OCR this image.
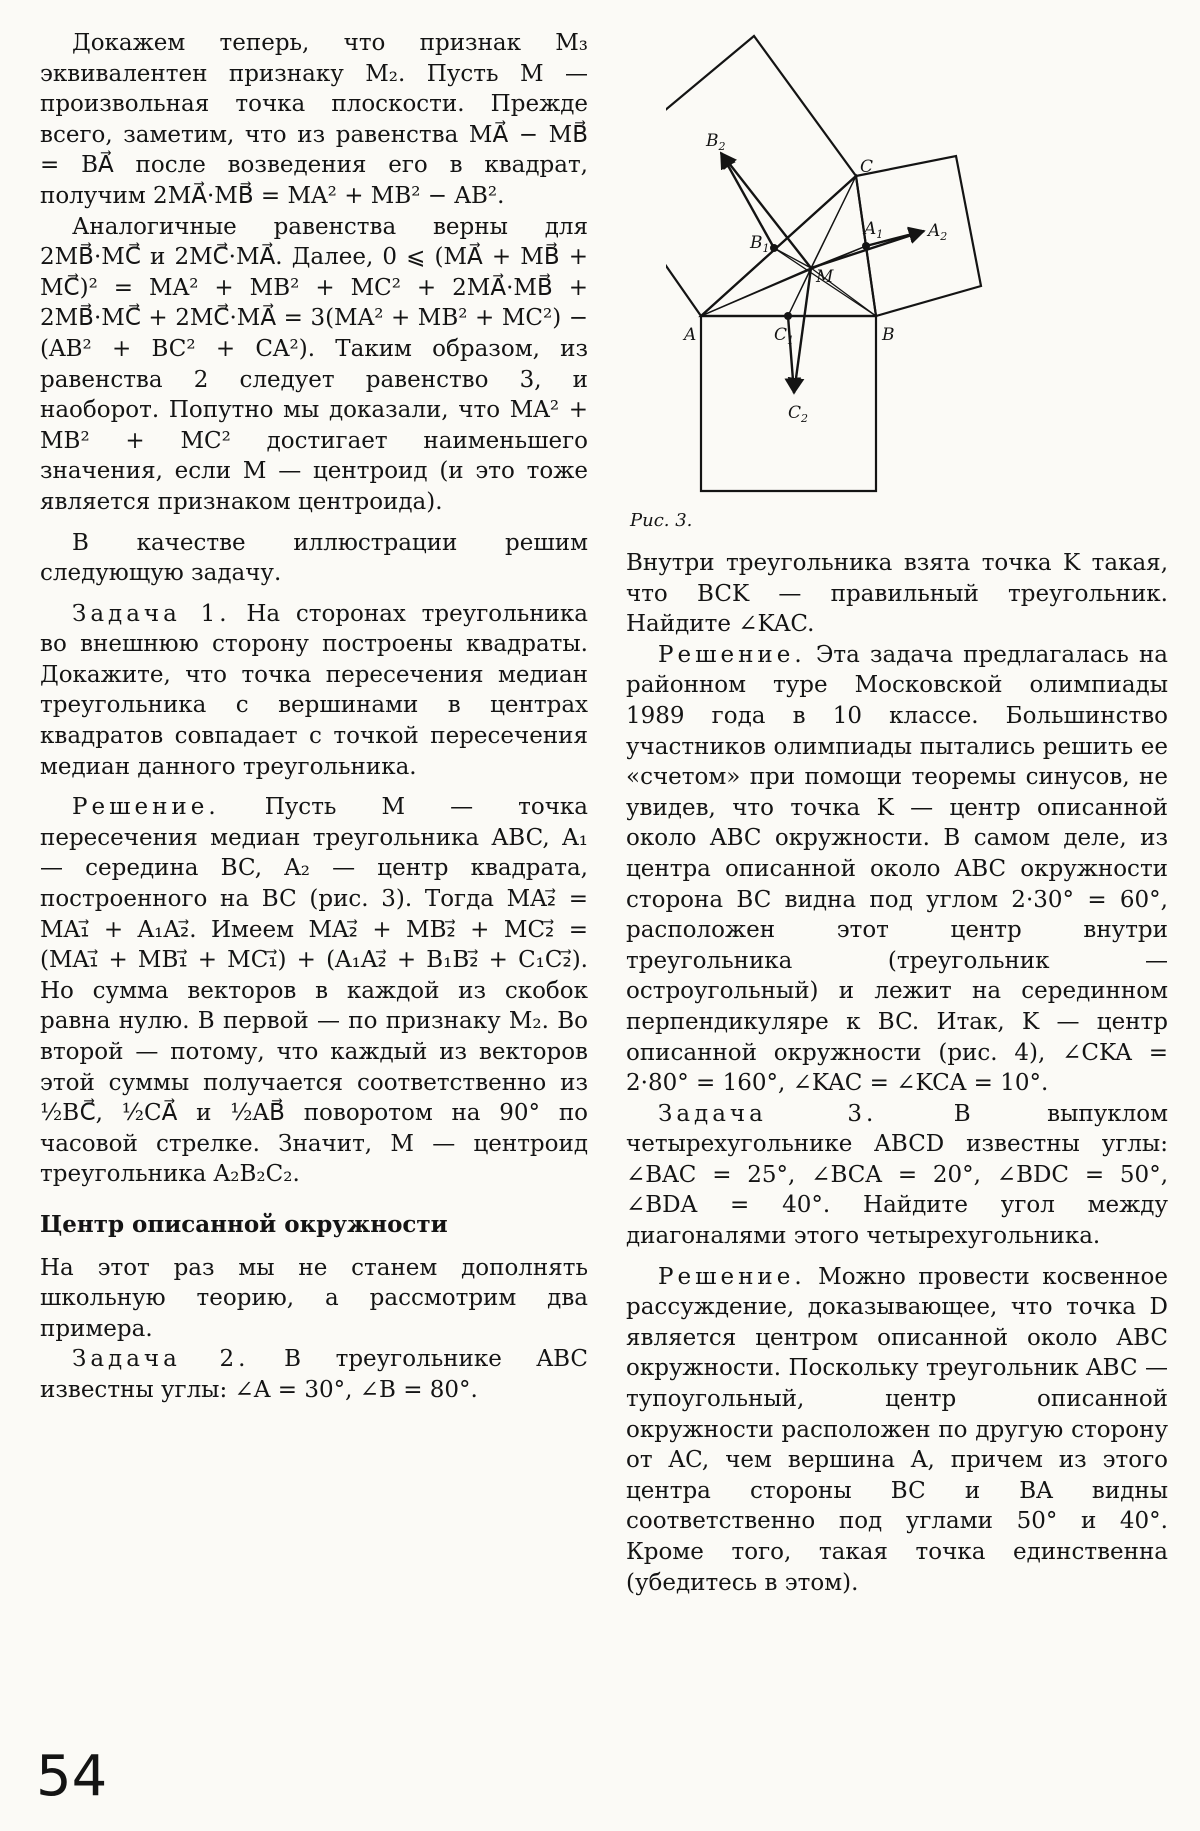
Докажем теперь, что признак M₃ эквивалентен признаку M₂. Пусть M — произвольная точка плоскости. Прежде всего, заметим, что из равенства MA⃗ − MB⃗ = BA⃗ после возведения его в квадрат, получим 2MA⃗·MB⃗ = MA² + MB² − AB².

Аналогичные равенства верны для 2MB⃗·MC⃗ и 2MC⃗·MA⃗. Далее, 0 ⩽ (MA⃗ + MB⃗ + MC⃗)² = MA² + MB² + MC² + 2MA⃗·MB⃗ + 2MB⃗·MC⃗ + 2MC⃗·MA⃗ = 3(MA² + MB² + MC²) − (AB² + BC² + CA²). Таким образом, из равенства 2 следует равенство 3, и наоборот. Попутно мы доказали, что MA² + MB² + MC² достигает наименьшего значения, если M — центроид (и это тоже является признаком центроида).

В качестве иллюстрации решим следующую задачу.

Задача 1. На сторонах треугольника во внешнюю сторону построены квадраты. Докажите, что точка пересечения медиан треугольника с вершинами в центрах квадратов совпадает с точкой пересечения медиан данного треугольника.

Решение. Пусть M — точка пересечения медиан треугольника ABC, A₁ — середина BC, A₂ — центр квадрата, построенного на BC (рис. 3). Тогда MA₂⃗ = MA₁⃗ + A₁A₂⃗. Имеем MA₂⃗ + MB₂⃗ + MC₂⃗ = (MA₁⃗ + MB₁⃗ + MC₁⃗) + (A₁A₂⃗ + B₁B₂⃗ + C₁C₂⃗). Но сумма векторов в каждой из скобок равна нулю. В первой — по признаку M₂. Во второй — потому, что каждый из векторов этой суммы получается соответственно из ½BC⃗, ½CA⃗ и ½AB⃗ поворотом на 90° по часовой стрелке. Значит, M — центроид треугольника A₂B₂C₂.

Центр описанной окружности

На этот раз мы не станем дополнять школьную теорию, а рассмотрим два примера.

Задача 2. В треугольнике ABC известны углы: ∠A = 30°, ∠B = 80°.

A	B
C
M
$A_1$
$B_1$
$C_1$
$A_2$
$B_2$
$C_2$
Рис. 3.

Внутри треугольника взята точка K такая, что BCK — правильный треугольник. Найдите ∠KAC.

Решение. Эта задача предлагалась на районном туре Московской олимпиады 1989 года в 10 классе. Большинство участников олимпиады пытались решить ее «счетом» при помощи теоремы синусов, не увидев, что точка K — центр описанной около ABC окружности. В самом деле, из центра описанной около ABC окружности сторона BC видна под углом 2·30° = 60°, расположен этот центр внутри треугольника (треугольник — остроугольный) и лежит на серединном перпендикуляре к BC. Итак, K — центр описанной окружности (рис. 4), ∠CKA = 2·80° = 160°, ∠KAC = ∠KCA = 10°.

Задача 3.	В выпуклом четырехугольнике ABCD известны углы: ∠BAC = 25°, ∠BCA = 20°, ∠BDC = 50°, ∠BDA = 40°. Найдите угол между диагоналями этого четырехугольника.

Решение. Можно провести косвенное рассуждение, доказывающее, что точка D является центром описанной около ABC окружности. Поскольку треугольник ABC — тупоугольный, центр описанной окружности расположен по другую сторону от AC, чем вершина A, причем из этого центра стороны BC и BA видны соответственно под углами 50° и 40°. Кроме того, такая точка единственна (убедитесь в этом).

54
